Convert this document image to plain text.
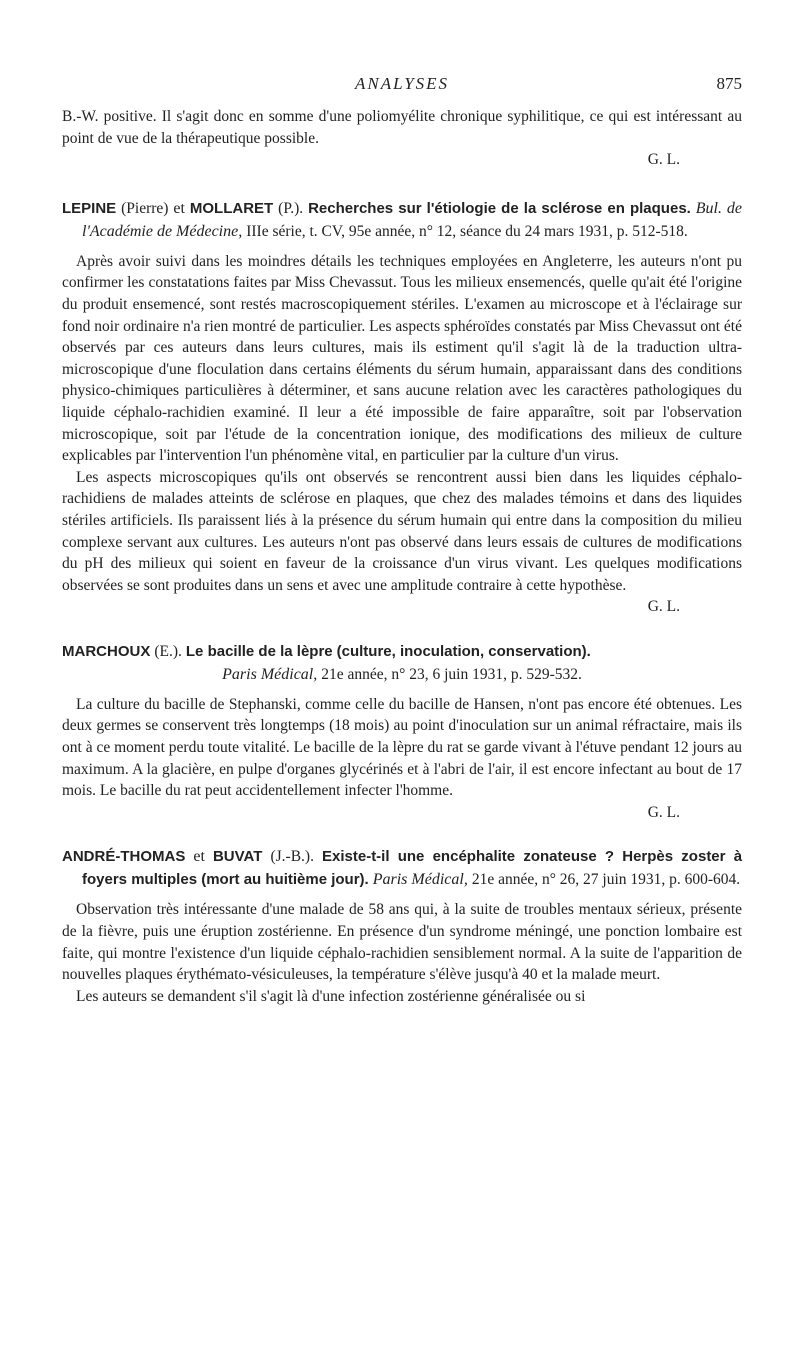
ANALYSES	875

B.-W. positive. Il s'agit donc en somme d'une poliomyélite chronique syphilitique, ce qui est intéressant au point de vue de la thérapeutique possible.

G. L.

LEPINE (Pierre) et MOLLARET (P.). Recherches sur l'étiologie de la sclérose en plaques. Bul. de l'Académie de Médecine, IIIe série, t. CV, 95e année, n° 12, séance du 24 mars 1931, p. 512-518.

Après avoir suivi dans les moindres détails les techniques employées en Angleterre, les auteurs n'ont pu confirmer les constatations faites par Miss Chevassut. Tous les milieux ensemencés, quelle qu'ait été l'origine du produit ensemencé, sont restés macroscopiquement stériles. L'examen au microscope et à l'éclairage sur fond noir ordinaire n'a rien montré de particulier. Les aspects sphéroïdes constatés par Miss Chevassut ont été observés par ces auteurs dans leurs cultures, mais ils estiment qu'il s'agit là de la traduction ultra-microscopique d'une floculation dans certains éléments du sérum humain, apparaissant dans des conditions physico-chimiques particulières à déterminer, et sans aucune relation avec les caractères pathologiques du liquide céphalo-rachidien examiné. Il leur a été impossible de faire apparaître, soit par l'observation microscopique, soit par l'étude de la concentration ionique, des modifications des milieux de culture explicables par l'intervention l'un phénomène vital, en particulier par la culture d'un virus.

Les aspects microscopiques qu'ils ont observés se rencontrent aussi bien dans les liquides céphalo-rachidiens de malades atteints de sclérose en plaques, que chez des malades témoins et dans des liquides stériles artificiels. Ils paraissent liés à la présence du sérum humain qui entre dans la composition du milieu complexe servant aux cultures. Les auteurs n'ont pas observé dans leurs essais de cultures de modifications du pH des milieux qui soient en faveur de la croissance d'un virus vivant. Les quelques modifications observées se sont produites dans un sens et avec une amplitude contraire à cette hypothèse.

G. L.

MARCHOUX (E.). Le bacille de la lèpre (culture, inoculation, conservation).
Paris Médical, 21e année, n° 23, 6 juin 1931, p. 529-532.

La culture du bacille de Stephanski, comme celle du bacille de Hansen, n'ont pas encore été obtenues. Les deux germes se conservent très longtemps (18 mois) au point d'inoculation sur un animal réfractaire, mais ils ont à ce moment perdu toute vitalité. Le bacille de la lèpre du rat se garde vivant à l'étuve pendant 12 jours au maximum. A la glacière, en pulpe d'organes glycérinés et à l'abri de l'air, il est encore infectant au bout de 17 mois. Le bacille du rat peut accidentellement infecter l'homme.

G. L.

ANDRÉ-THOMAS et BUVAT (J.-B.). Existe-t-il une encéphalite zonateuse ? Herpès zoster à foyers multiples (mort au huitième jour). Paris Médical, 21e année, n° 26, 27 juin 1931, p. 600-604.

Observation très intéressante d'une malade de 58 ans qui, à la suite de troubles mentaux sérieux, présente de la fièvre, puis une éruption zostérienne. En présence d'un syndrome méningé, une ponction lombaire est faite, qui montre l'existence d'un liquide céphalo-rachidien sensiblement normal. A la suite de l'apparition de nouvelles plaques érythémato-vésiculeuses, la température s'élève jusqu'à 40 et la malade meurt.

Les auteurs se demandent s'il s'agit là d'une infection zostérienne généralisée ou si
